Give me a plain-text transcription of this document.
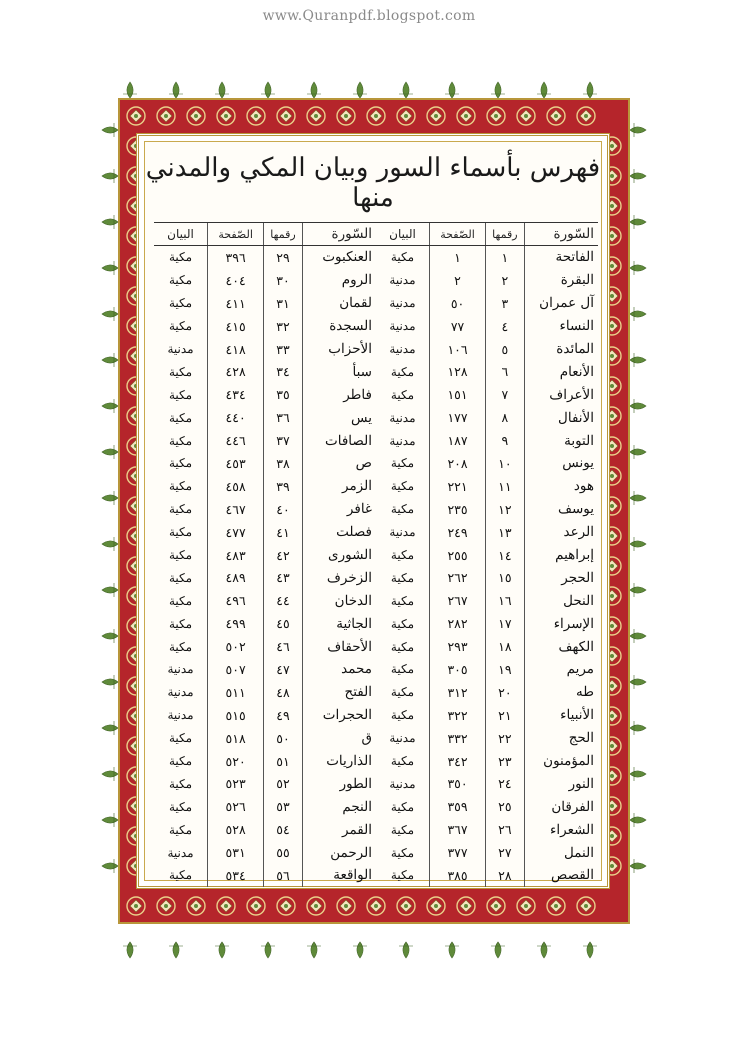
www.Quranpdf.blogspot.com
فهرس بأسماء السور وبيان المكي والمدني منها
السّورة	رقمها	الصّفحة	البيان
الفاتحة	١	١	مكية
البقرة	٢	٢	مدنية
آل عمران	٣	٥٠	مدنية
النساء	٤	٧٧	مدنية
المائدة	٥	١٠٦	مدنية
الأنعام	٦	١٢٨	مكية
الأعراف	٧	١٥١	مكية
الأنفال	٨	١٧٧	مدنية
التوبة	٩	١٨٧	مدنية
يونس	١٠	٢٠٨	مكية
هود	١١	٢٢١	مكية
يوسف	١٢	٢٣٥	مكية
الرعد	١٣	٢٤٩	مدنية
إبراهيم	١٤	٢٥٥	مكية
الحجر	١٥	٢٦٢	مكية
النحل	١٦	٢٦٧	مكية
الإسراء	١٧	٢٨٢	مكية
الكهف	١٨	٢٩٣	مكية
مريم	١٩	٣٠٥	مكية
طه	٢٠	٣١٢	مكية
الأنبياء	٢١	٣٢٢	مكية
الحج	٢٢	٣٣٢	مدنية
المؤمنون	٢٣	٣٤٢	مكية
النور	٢٤	٣٥٠	مدنية
الفرقان	٢٥	٣٥٩	مكية
الشعراء	٢٦	٣٦٧	مكية
النمل	٢٧	٣٧٧	مكية
القصص	٢٨	٣٨٥	مكية
السّورة	رقمها	الصّفحة	البيان
العنكبوت	٢٩	٣٩٦	مكية
الروم	٣٠	٤٠٤	مكية
لقمان	٣١	٤١١	مكية
السجدة	٣٢	٤١٥	مكية
الأحزاب	٣٣	٤١٨	مدنية
سبأ	٣٤	٤٢٨	مكية
فاطر	٣٥	٤٣٤	مكية
يس	٣٦	٤٤٠	مكية
الصافات	٣٧	٤٤٦	مكية
ص	٣٨	٤٥٣	مكية
الزمر	٣٩	٤٥٨	مكية
غافر	٤٠	٤٦٧	مكية
فصلت	٤١	٤٧٧	مكية
الشورى	٤٢	٤٨٣	مكية
الزخرف	٤٣	٤٨٩	مكية
الدخان	٤٤	٤٩٦	مكية
الجاثية	٤٥	٤٩٩	مكية
الأحقاف	٤٦	٥٠٢	مكية
محمد	٤٧	٥٠٧	مدنية
الفتح	٤٨	٥١١	مدنية
الحجرات	٤٩	٥١٥	مدنية
ق	٥٠	٥١٨	مكية
الذاريات	٥١	٥٢٠	مكية
الطور	٥٢	٥٢٣	مكية
النجم	٥٣	٥٢٦	مكية
القمر	٥٤	٥٢٨	مكية
الرحمن	٥٥	٥٣١	مدنية
الواقعة	٥٦	٥٣٤	مكية
